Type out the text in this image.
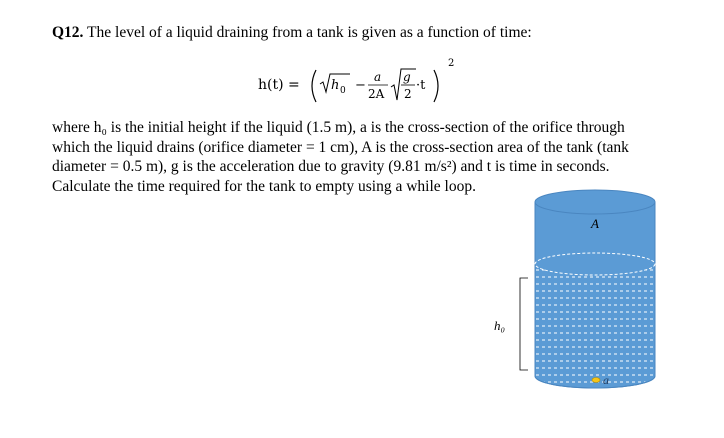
Q12. The level of a liquid draining from a tank is given as a function of time:
h(t) = h 0 −
a
2A
g
2
·t
2
where h₀ is the initial height if the liquid (1.5 m), a is the cross-section of the orifice through
which the liquid drains (orifice diameter = 1 cm), A is the cross-section area of the tank (tank
diameter = 0.5 m), g is the acceleration due to gravity (9.81 m/s²) and t is time in seconds.
Calculate the time required for the tank to empty using a while loop.
A
h₀
a
